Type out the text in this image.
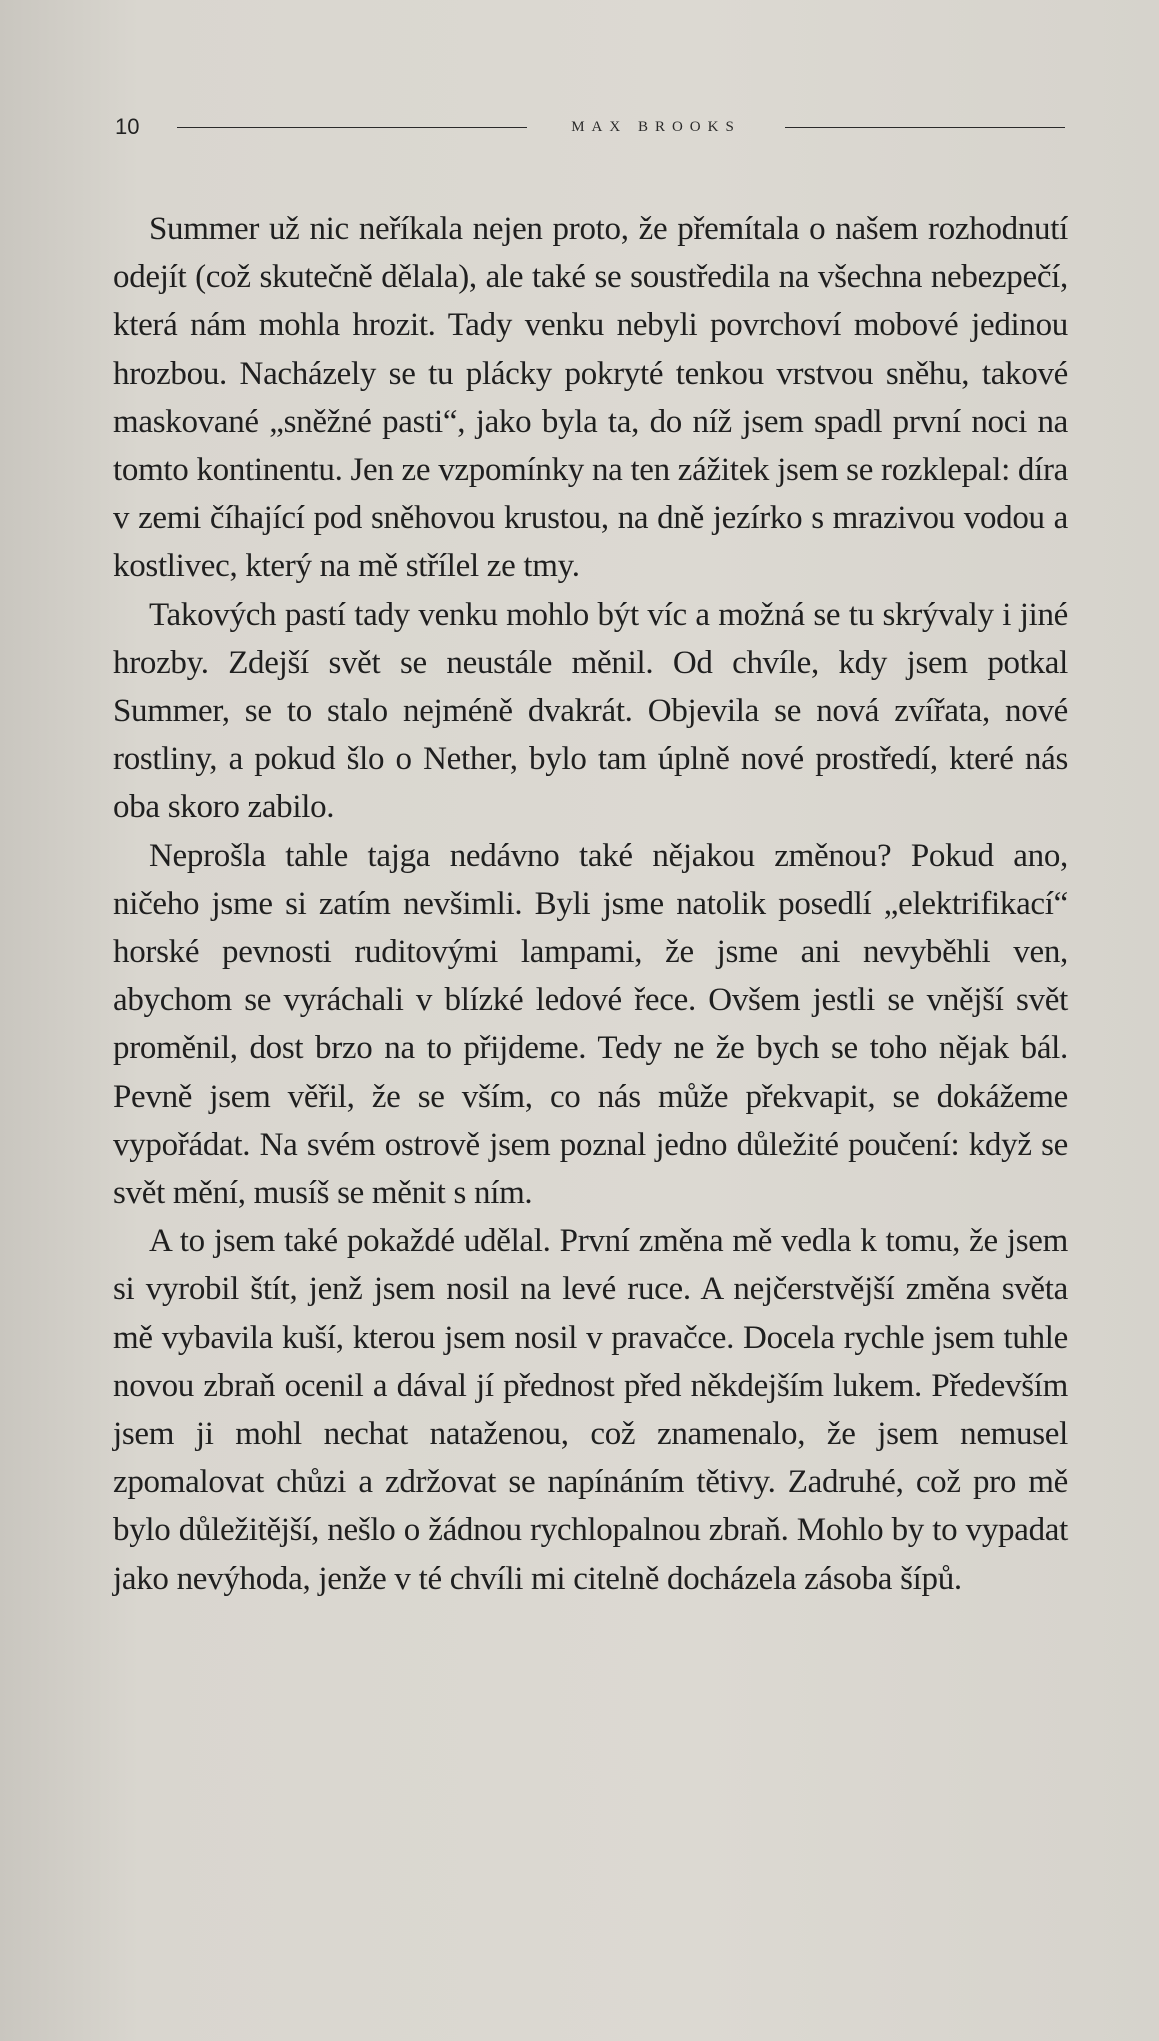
10	MAX BROOKS

Summer už nic neříkala nejen proto, že přemítala o našem rozhodnutí odejít (což skutečně dělala), ale také se soustředila na všechna nebezpečí, která nám mohla hrozit. Tady venku nebyli povrchoví mobové jedinou hrozbou. Nacházely se tu plácky pokryté tenkou vrstvou sněhu, takové maskované „sněžné pasti“, jako byla ta, do níž jsem spadl první noci na tomto kontinentu. Jen ze vzpomínky na ten zážitek jsem se rozklepal: díra v zemi číhající pod sněhovou krustou, na dně jezírko s mrazivou vodou a kostlivec, který na mě střílel ze tmy.

Takových pastí tady venku mohlo být víc a možná se tu skrývaly i jiné hrozby. Zdejší svět se neustále měnil. Od chvíle, kdy jsem potkal Summer, se to stalo nejméně dvakrát. Objevila se nová zvířata, nové rostliny, a pokud šlo o Nether, bylo tam úplně nové prostředí, které nás oba skoro zabilo.

Neprošla tahle tajga nedávno také nějakou změnou? Pokud ano, ničeho jsme si zatím nevšimli. Byli jsme natolik posedlí „elektrifikací“ horské pevnosti ruditovými lampami, že jsme ani nevyběhli ven, abychom se vyráchali v blízké ledové řece. Ovšem jestli se vnější svět proměnil, dost brzo na to přijdeme. Tedy ne že bych se toho nějak bál. Pevně jsem věřil, že se vším, co nás může překvapit, se dokážeme vypořádat. Na svém ostrově jsem poznal jedno důležité poučení: když se svět mění, musíš se měnit s ním.

A to jsem také pokaždé udělal. První změna mě vedla k tomu, že jsem si vyrobil štít, jenž jsem nosil na levé ruce. A nejčerstvější změna světa mě vybavila kuší, kterou jsem nosil v pravačce. Docela rychle jsem tuhle novou zbraň ocenil a dával jí přednost před někdejším lukem. Především jsem ji mohl nechat nataženou, což znamenalo, že jsem nemusel zpomalovat chůzi a zdržovat se napínáním tětivy. Zadruhé, což pro mě bylo důležitější, nešlo o žádnou rychlopalnou zbraň. Mohlo by to vypadat jako nevýhoda, jenže v té chvíli mi citelně docházela zásoba šípů.
